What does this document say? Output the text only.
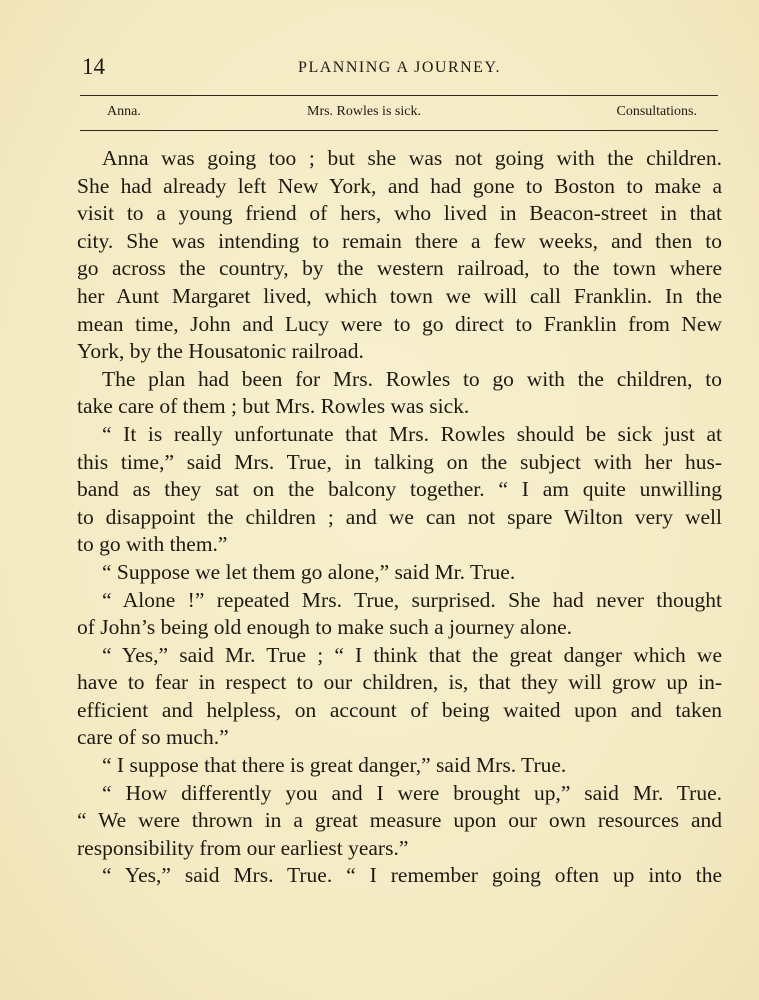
14	PLANNING A JOURNEY.
Anna.	Mrs. Rowles is sick.	Consultations.
Anna was going too ; but she was not going with the children.
She had already left New York, and had gone to Boston to make a
visit to a young friend of hers, who lived in Beacon-street in that
city. She was intending to remain there a few weeks, and then to
go across the country, by the western railroad, to the town where
her Aunt Margaret lived, which town we will call Franklin. In the
mean time, John and Lucy were to go direct to Franklin from New
York, by the Housatonic railroad.
The plan had been for Mrs. Rowles to go with the children, to
take care of them ; but Mrs. Rowles was sick.
“ It is really unfortunate that Mrs. Rowles should be sick just at
this time,” said Mrs. True, in talking on the subject with her hus-
band as they sat on the balcony together. “ I am quite unwilling
to disappoint the children ; and we can not spare Wilton very well
to go with them.”
“ Suppose we let them go alone,” said Mr. True.
“ Alone !” repeated Mrs. True, surprised. She had never thought
of John’s being old enough to make such a journey alone.
“ Yes,” said Mr. True ; “ I think that the great danger which we
have to fear in respect to our children, is, that they will grow up in-
efficient and helpless, on account of being waited upon and taken
care of so much.”
“ I suppose that there is great danger,” said Mrs. True.
“ How differently you and I were brought up,” said Mr. True.
“ We were thrown in a great measure upon our own resources and
responsibility from our earliest years.”
“ Yes,” said Mrs. True. “ I remember going often up into the
